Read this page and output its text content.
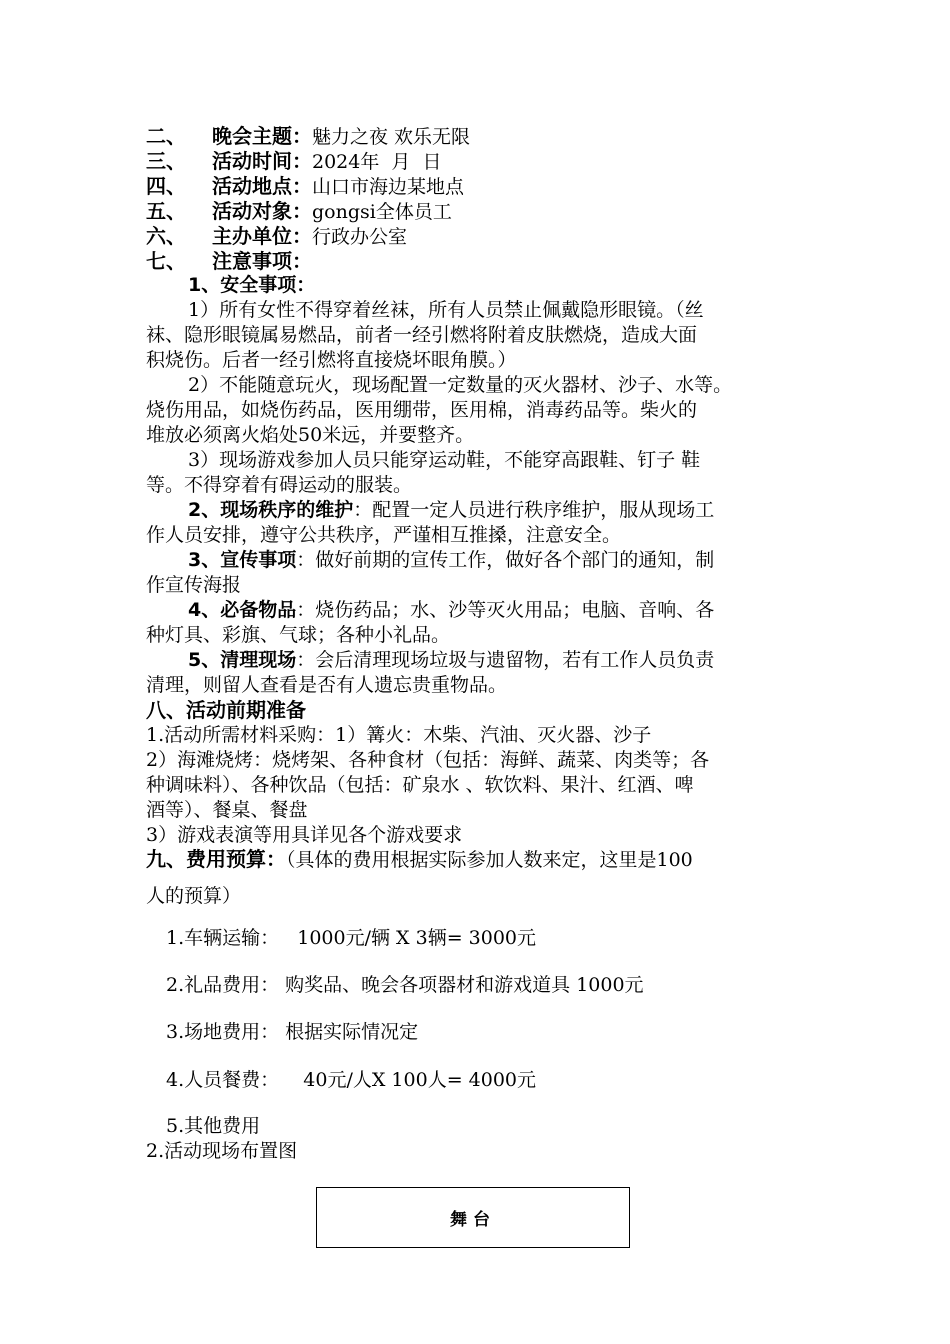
二、 晚会主题：魅力之夜 欢乐无限
三、 活动时间：2024年  月  日
四、 活动地点：山口市海边某地点
五、 活动对象：gongsi全体员工
六、 主办单位：行政办公室
七、 注意事项：
1、安全事项：
1）所有女性不得穿着丝袜，所有人员禁止佩戴隐形眼镜。（丝
袜、隐形眼镜属易燃品，前者一经引燃将附着皮肤燃烧，造成大面
积烧伤。后者一经引燃将直接烧坏眼角膜。）
2）不能随意玩火，现场配置一定数量的灭火器材、沙子、水等。
烧伤用品，如烧伤药品，医用绷带，医用棉，消毒药品等。柴火的
堆放必须离火焰处50米远，并要整齐。
3）现场游戏参加人员只能穿运动鞋，不能穿高跟鞋、钉子 鞋
等。不得穿着有碍运动的服装。
2、现场秩序的维护：配置一定人员进行秩序维护，服从现场工
作人员安排，遵守公共秩序，严谨相互推搡，注意安全。
3、宣传事项：做好前期的宣传工作，做好各个部门的通知，制
作宣传海报
4、必备物品：烧伤药品；水、沙等灭火用品；电脑、音响、各
种灯具、彩旗、气球；各种小礼品。
5、清理现场：会后清理现场垃圾与遗留物，若有工作人员负责
清理，则留人查看是否有人遗忘贵重物品。
八、活动前期准备
1.活动所需材料采购：1）篝火：木柴、汽油、灭火器、沙子
2）海滩烧烤：烧烤架、各种食材（包括：海鲜、蔬菜、肉类等；各
种调味料）、各种饮品（包括：矿泉水 、软饮料、果汁、红酒、啤
酒等）、餐桌、餐盘
3）游戏表演等用具详见各个游戏要求
九、费用预算：（具体的费用根据实际参加人数来定，这里是100
人的预算）
1.车辆运输：   1000元/辆 X 3辆= 3000元
2.礼品费用： 购奖品、晚会各项器材和游戏道具 1000元
3.场地费用： 根据实际情况定
4.人员餐费：    40元/人X 100人= 4000元
5.其他费用
2.活动现场布置图
舞台
